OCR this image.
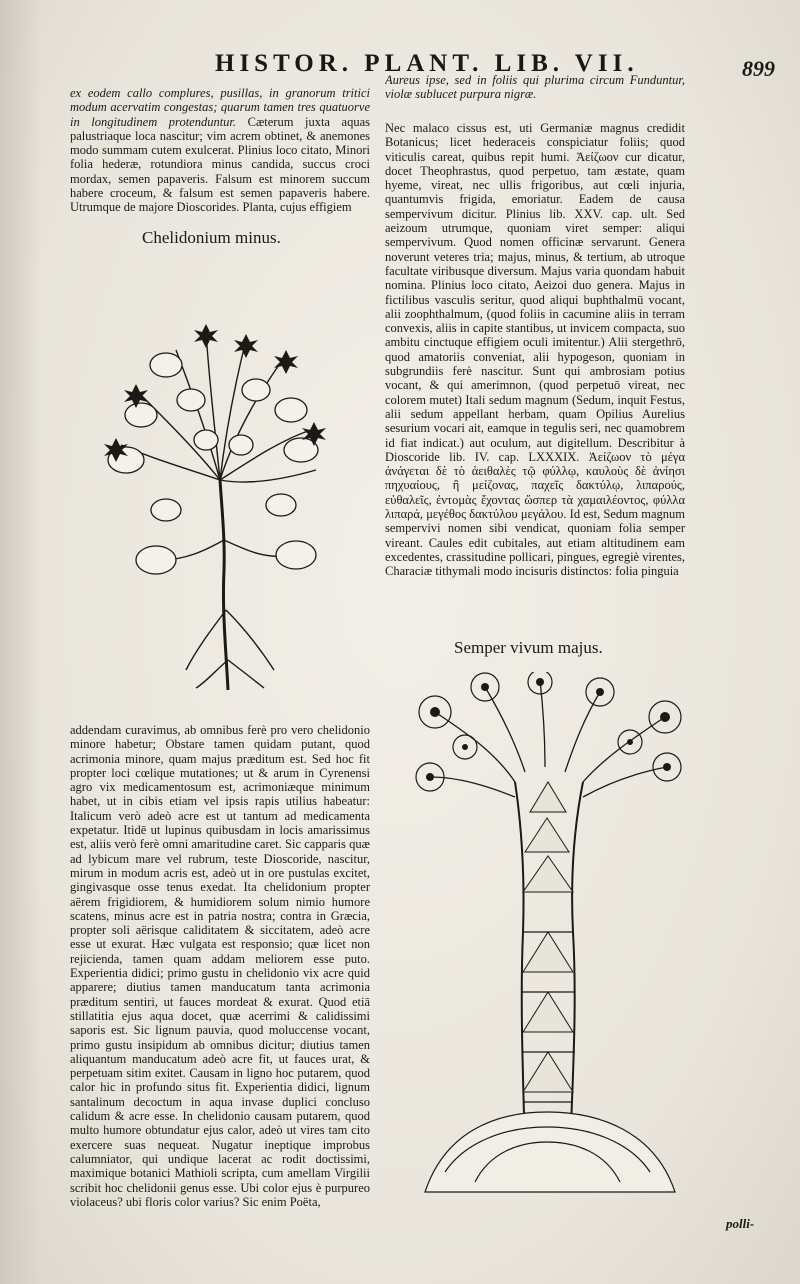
HISTOR. PLANT. LIB. VII.	899

ex eodem callo complures, pusillas, in granorum tritici modum acervatim congestas; quarum tamen tres quatuorve in longitudinem protenduntur. Cæterum juxta aquas palustriaque loca nascitur; vim acrem obtinet, & anemones modo summam cutem exulcerat. Plinius loco citato, Minori folia hederæ, rotundiora minus candida, succus croci mordax, semen papaveris. Falsum est minorem succum habere croceum, & falsum est semen papaveris habere. Utrumque de majore Dioscorides. Planta, cujus effigiem

Chelidonium minus.

addendam curavimus, ab omnibus ferè pro vero chelidonio minore habetur; Obstare tamen quidam putant, quod acrimonia minore, quam majus præditum est. Sed hoc fit propter loci cœlique mutationes; ut & arum in Cyrenensi agro vix medicamentosum est, acrimoniæque minimum habet, ut in cibis etiam vel ipsis rapis utilius habeatur: Italicum verò adeò acre est ut tantum ad medicamenta expetatur. Itidē ut lupinus quibusdam in locis amarissimus est, aliis verò ferè omni amaritudine caret. Sic capparis quæ ad lybicum mare vel rubrum, teste Dioscoride, nascitur, mirum in modum acris est, adeò ut in ore pustulas excitet, gingivasque osse tenus exedat. Ita chelidonium propter aërem frigidiorem, & humidiorem solum nimio humore scatens, minus acre est in patria nostra; contra in Græcia, propter soli aërisque caliditatem & siccitatem, adeò acre esse ut exurat. Hæc vulgata est responsio; quæ licet non rejicienda, tamen quam addam meliorem esse puto. Experientia didici; primo gustu in chelidonio vix acre quid apparere; diutius tamen manducatum tanta acrimonia præditum sentiri, ut fauces mordeat & exurat. Quod etiā stillatitia ejus aqua docet, quæ acerrimi & calidissimi saporis est. Sic lignum pauvia, quod moluccense vocant, primo gustu insipidum ab omnibus dicitur; diutius tamen aliquantum manducatum adeò acre fit, ut fauces urat, & perpetuam sitim exitet. Causam in ligno hoc putarem, quod calor hic in profundo situs fit. Experientia didici, lignum santalinum decoctum in aqua invase duplici concluso calidum & acre esse. In chelidonio causam putarem, quod multo humore obtundatur ejus calor, adeò ut vires tam cito exercere suas nequeat. Nugatur ineptique improbus calumniator, qui undique lacerat ac rodit doctissimi, maximique botanici Mathioli scripta, cum amellam Virgilii scribit hoc chelidonii genus esse. Ubi color ejus è purpureo violaceus? ubi floris color varius? Sic enim Poëta,

Aureus ipse, sed in foliis qui plurima circum Funduntur, violæ sublucet purpura nigræ.

Nec malaco cissus est, uti Germaniæ magnus credidit Botanicus; licet hederaceis conspiciatur foliis; quod viticulis careat, quibus repit humi. Ἀείζωον cur dicatur, docet Theophrastus, quod perpetuo, tam æstate, quam hyeme, vireat, nec ullis frigoribus, aut cœli injuria, quantumvis frigida, emoriatur. Eadem de causa sempervivum dicitur. Plinius lib. XXV. cap. ult. Sed aeizoum utrumque, quoniam viret semper: aliqui sempervivum. Quod nomen officinæ servarunt. Genera noverunt veteres tria; majus, minus, & tertium, ab utroque facultate viribusque diversum. Majus varia quondam habuit nomina. Plinius loco citato, Aeizoi duo genera. Majus in fictilibus vasculis seritur, quod aliqui buphthalmū vocant, alii zoophthalmum, (quod foliis in cacumine aliis in terram convexis, aliis in capite stantibus, ut invicem compacta, suo ambitu cinctuque effigiem oculi imitentur.) Alii stergethrō, quod amatoriis conveniat, alii hypogeson, quoniam in subgrundiis ferè nascitur. Sunt qui ambrosiam potius vocant, & qui amerimnon, (quod perpetuō vireat, nec colorem mutet) Itali sedum magnum (Sedum, inquit Festus, alii sedum appellant herbam, quam Opilius Aurelius sesurium vocari ait, eamque in tegulis seri, nec quamobrem id fiat indicat.) aut oculum, aut digitellum. Describitur à Dioscoride lib. IV. cap. LXXXIX. Ἀείζωον τὸ μέγα ἀνάγεται δὲ τὸ ἀειθαλὲς τῷ φύλλῳ, καυλοὺς δὲ ἀνίησι πηχυαίους, ἢ μείζονας, παχεῖς δακτύλῳ, λιπαρούς, εὐθαλεῖς, ἐντομὰς ἔχοντας ὥσπερ τὰ χαμαιλέοντος, φύλλα λιπαρά, μεγέθος δακτύλου μεγάλου. Id est, Sedum magnum sempervivi nomen sibi vendicat, quoniam folia semper vireant. Caules edit cubitales, aut etiam altitudinem eam excedentes, crassitudine pollicari, pingues, egregiè virentes, Characiæ tithymali modo incisuris distinctos: folia pinguia

Semper vivum majus.
polli-
